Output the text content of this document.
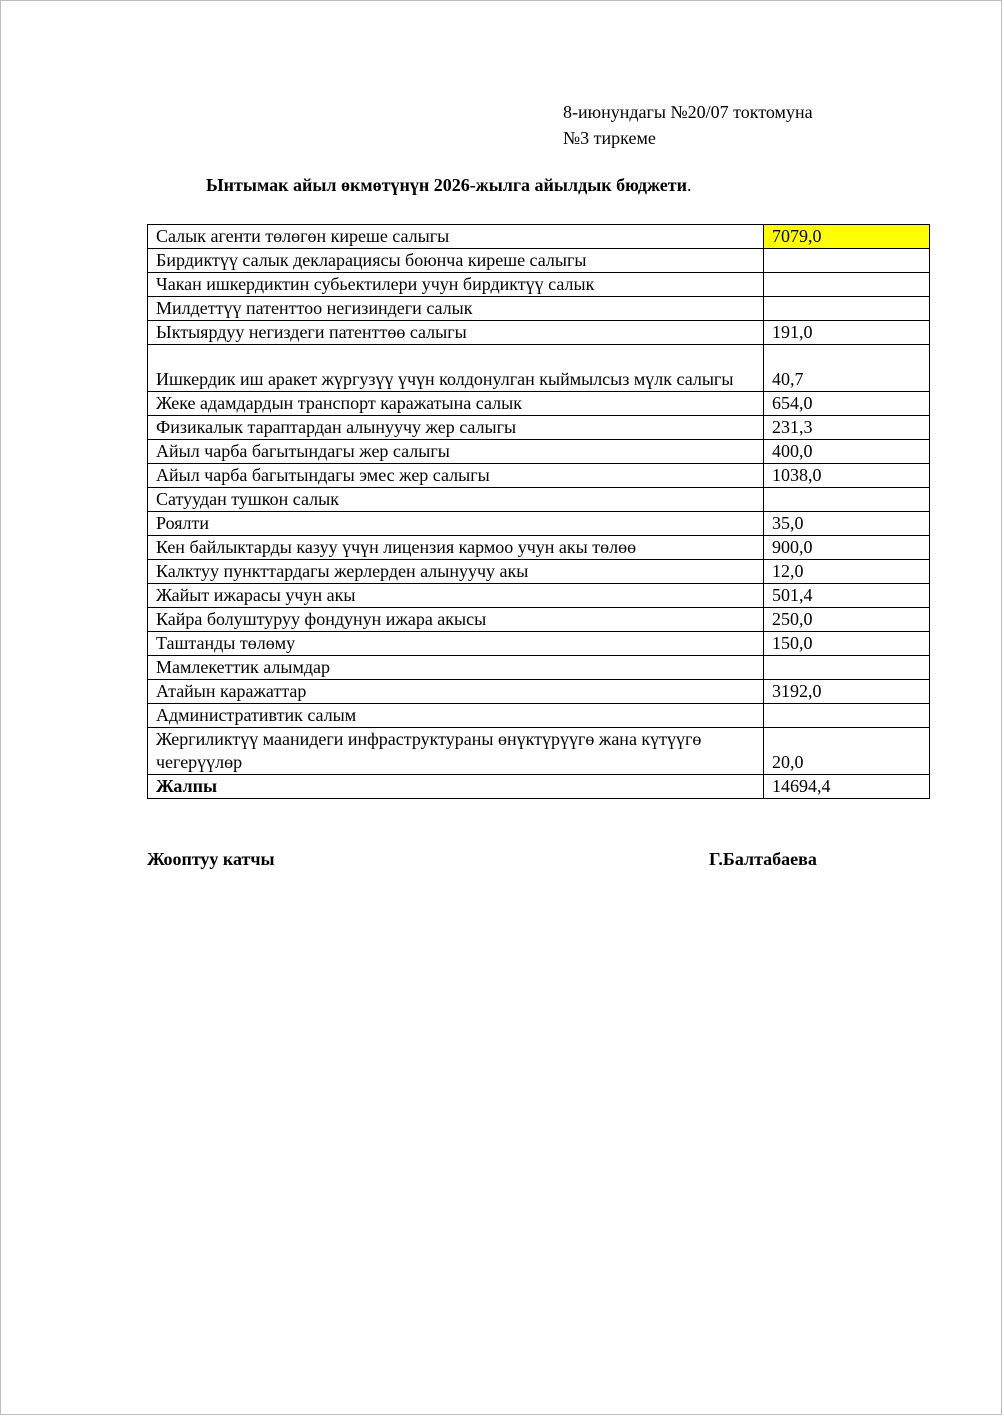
8-июнундагы №20/07 токтомуна
№3 тиркеме
Ынтымак айыл өкмөтүнүн 2026-жылга айылдык бюджети.
Салык агенти төлөгөн киреше салыгы	7079,0
Бирдиктүү салык декларациясы боюнча киреше салыгы	
Чакан ишкердиктин субьектилери учун бирдиктүү салык	
Милдеттүү патенттоо негизиндеги салык	
Ыктыярдуу негиздеги патенттөө салыгы	191,0
Ишкердик иш аракет жүргузүү үчүн колдонулган кыймылсыз мүлк салыгы	40,7
Жеке адамдардын транспорт каражатына салык	654,0
Физикалык тараптардан алынуучу жер салыгы	231,3
Айыл чарба багытындагы жер салыгы	400,0
Айыл чарба багытындагы эмес жер салыгы	1038,0
Сатуудан тушкон салык	
Роялти	35,0
Кен байлыктарды казуу үчүн лицензия кармоо учун акы төлөө	900,0
Калктуу пункттардагы жерлерден алынуучу акы	12,0
Жайыт ижарасы учун акы	501,4
Кайра болуштуруу фондунун ижара акысы	250,0
Таштанды төлөму	150,0
Мамлекеттик алымдар	
Атайын каражаттар	3192,0
Административтик салым	
Жергиликтүү маанидеги инфраструктураны өнүктүрүүгө жана күтүүгө чегерүүлөр	20,0
Жалпы	14694,4
Жооптуу катчы	Г.Балтабаева
